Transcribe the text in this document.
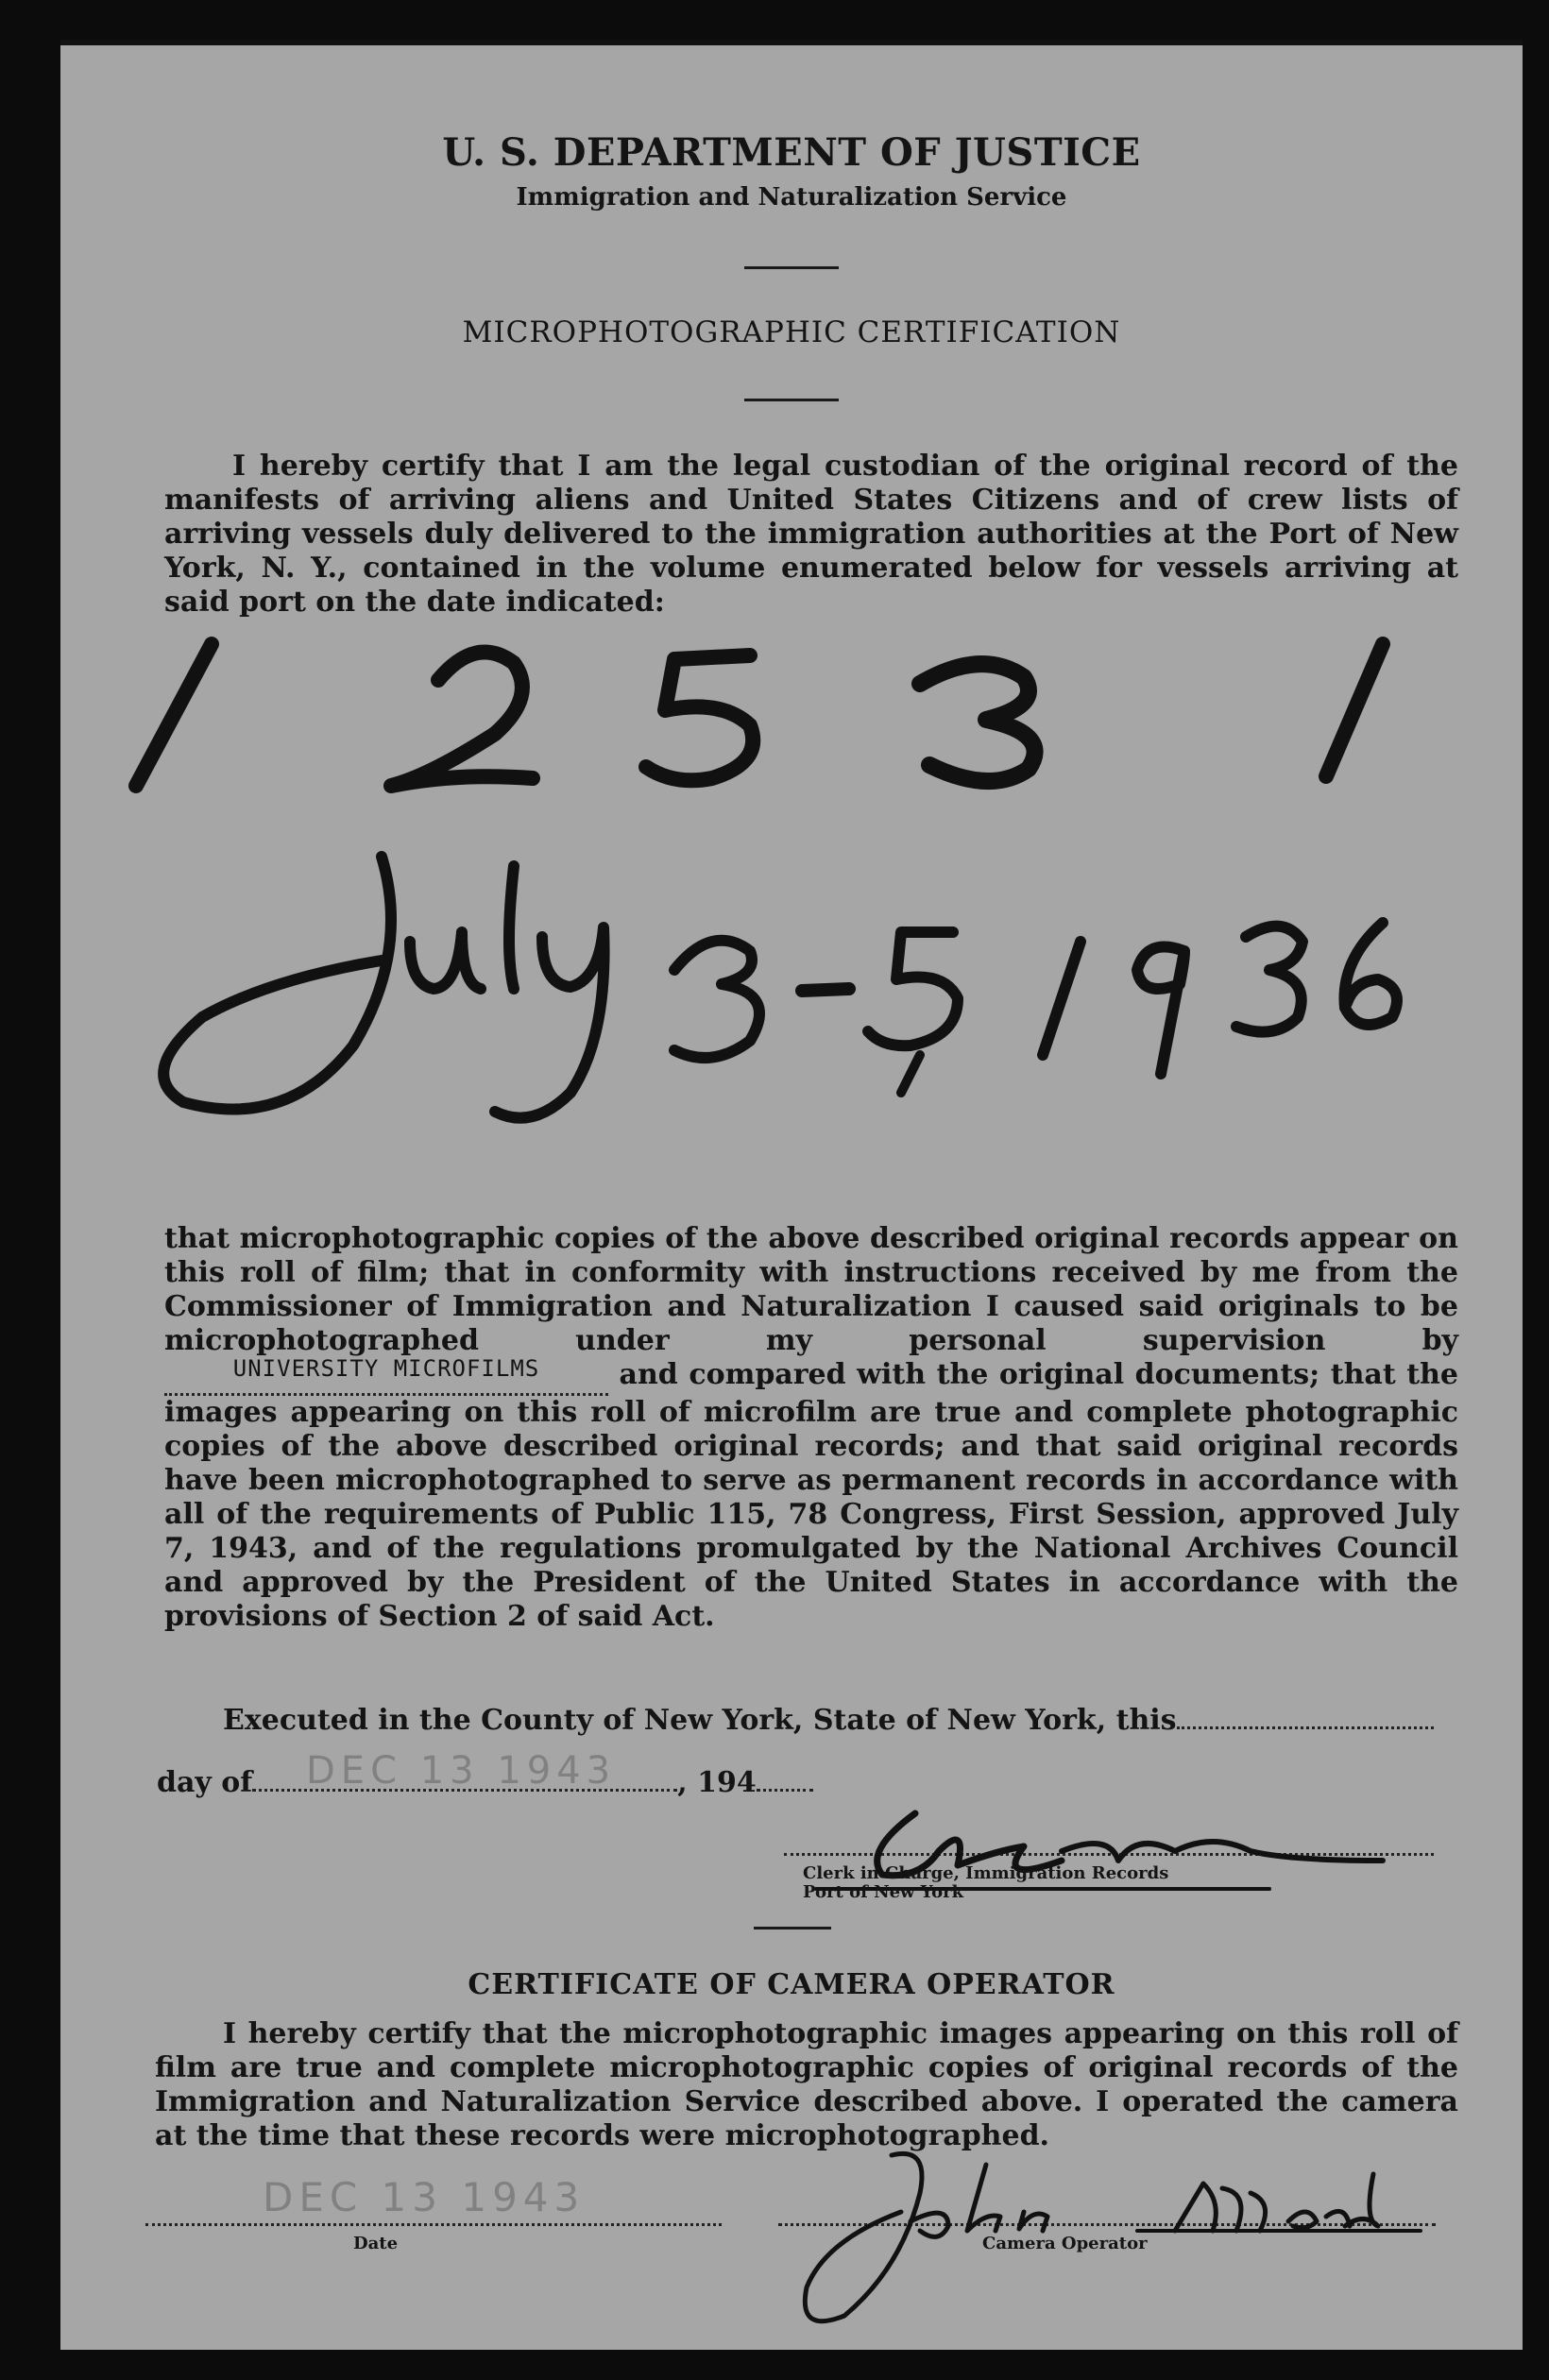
U. S. DEPARTMENT OF JUSTICE
Immigration and Naturalization Service
MICROPHOTOGRAPHIC CERTIFICATION
I hereby certify that I am the legal custodian of the original record of the manifests of arriving aliens and United States Citizens and of crew lists of arriving vessels duly delivered to the immigration authorities at the Port of New York, N. Y., contained in the volume enumerated below for vessels arriving at said port on the date indicated:
that microphotographic copies of the above described original records appear on this roll of film; that in conformity with instructions received by me from the Commissioner of Immigration and Naturalization I caused said originals to be microphotographed under my personal supervision by $^{UNIVERSITY MICROFILMS}$	and compared with the original documents; that the images appearing on this roll of microfilm are true and complete photographic copies of the above described original records; and that said original records have been microphotographed to serve as permanent records in accordance with all of the requirements of Public 115, 78 Congress, First Session, approved July 7, 1943, and of the regulations promulgated by the National Archives Council and approved by the President of the United States in accordance with the provisions of Section 2 of said Act.
Executed in the County of New York, State of New York, this
day of	, 194
DEC 13 1943
Clerk in Charge, Immigration Records
Port of New York
CERTIFICATE OF CAMERA OPERATOR
I hereby certify that the microphotographic images appearing on this roll of film are true and complete microphotographic copies of original records of the Immigration and Naturalization Service described above. I operated the camera at the time that these records were microphotographed.
DEC 13 1943
Date	Camera Operator
